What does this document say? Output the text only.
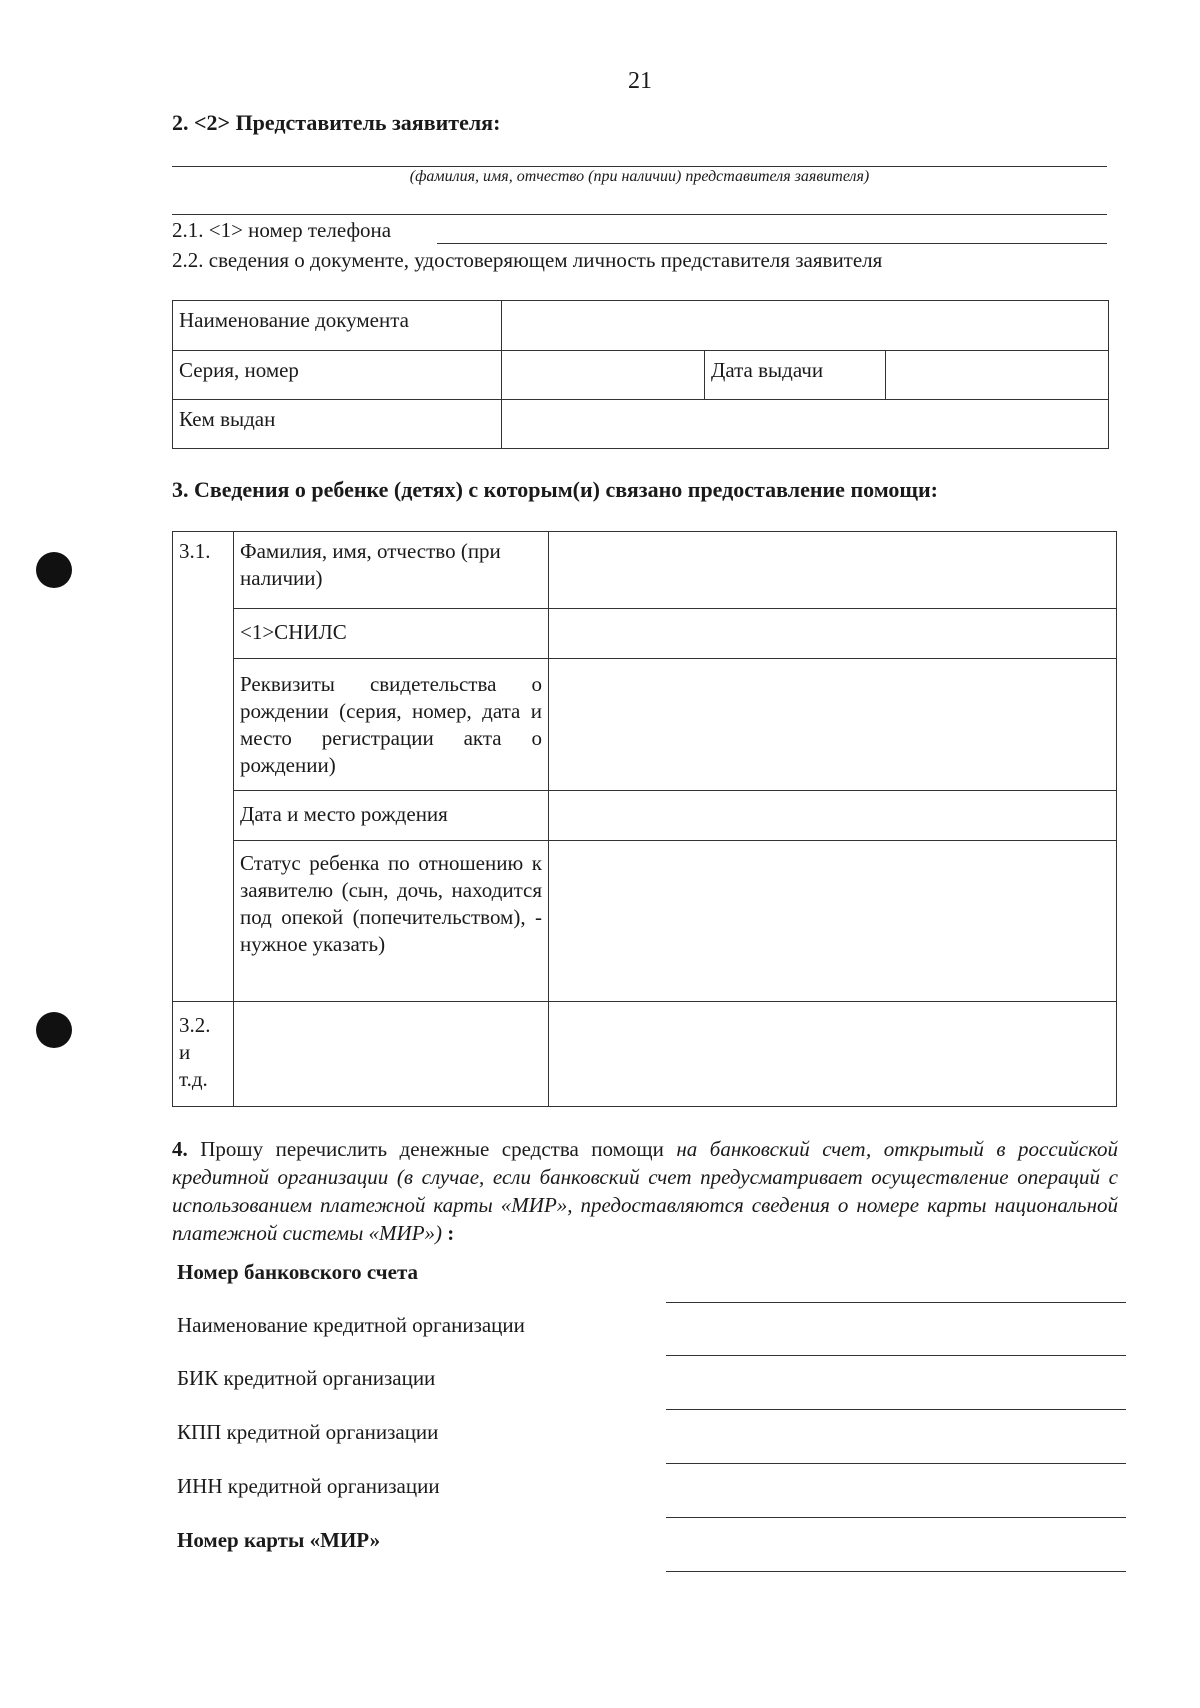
21
2. <2> Представитель заявителя:
(фамилия, имя, отчество (при наличии) представителя заявителя)
2.1. <1> номер телефона
2.2. сведения о документе, удостоверяющем личность представителя заявителя
Наименование документа			
Серия, номер		Дата выдачи	
Кем выдан			
3. Сведения о ребенке (детях) с которым(и) связано предоставление помощи:
3.1.	Фамилия, имя, отчество (при наличии)	
	<1>СНИЛС	
	Реквизиты свидетельства о рождении (серия, номер, дата и место регистрации акта о рождении)	
	Дата и место рождения	
	Статус ребенка по отношению к заявителю (сын, дочь, находится под опекой (попечительством), - нужное указать)	

3.2.
и
т.д.		

4. Прошу перечислить денежные средства помощи на банковский счет, открытый в российской кредитной организации (в случае, если банковский счет предусматривает осуществление операций с использованием платежной карты «МИР», предоставляются сведения о номере карты национальной платежной системы «МИР») :
Номер банковского счета
Наименование кредитной организации
БИК кредитной организации
КПП кредитной организации
ИНН кредитной организации
Номер карты «МИР»
